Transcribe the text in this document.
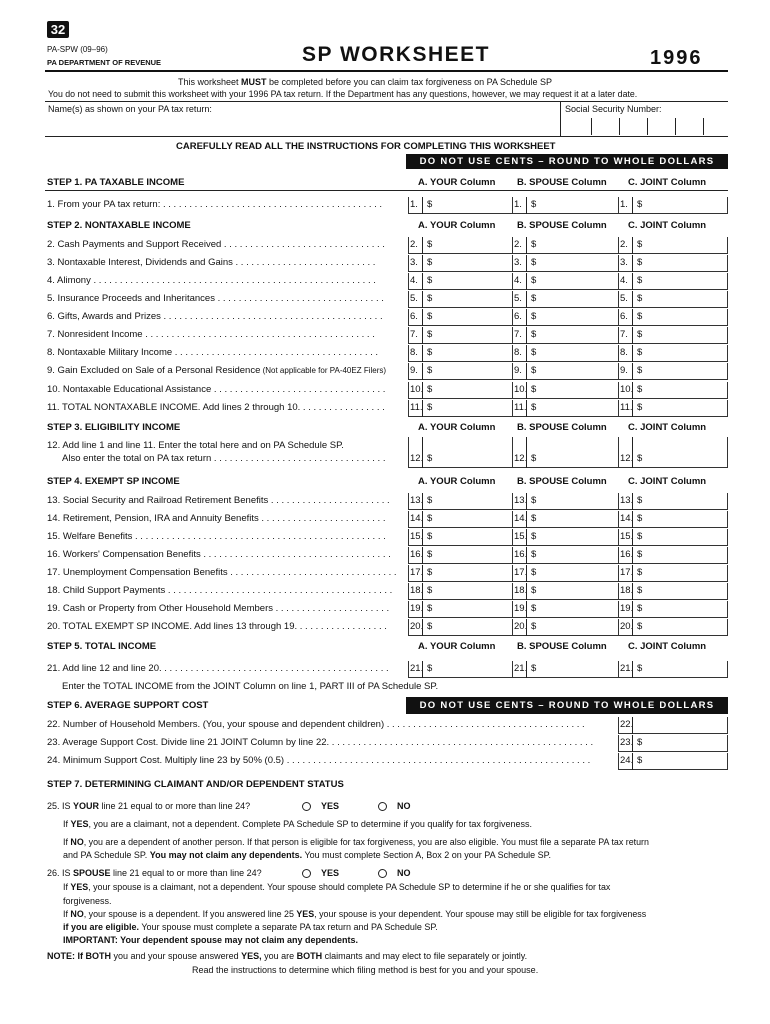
32
PA-SPW (09–96)
PA DEPARTMENT OF REVENUE	SP WORKSHEET	1996
This worksheet MUST be completed before you can claim tax forgiveness on PA Schedule SP
You do not need to submit this worksheet with your 1996 PA tax return. If the Department has any questions, however, we may request it at a later date.
Name(s) as shown on your PA tax return:	Social Security Number:
CAREFULLY READ ALL THE INSTRUCTIONS FOR COMPLETING THIS WORKSHEET
DO NOT USE CENTS – ROUND TO WHOLE DOLLARS
STEP 1. PA TAXABLE INCOME	A. YOUR Column B. SPOUSE Column C. JOINT Column
1. From your PA tax return: . . . . . . . . . . . . . . . . . . . . . . . . . . . . . . . . . . . . . . . . . .	1. $	1. $	1. $
STEP 2. NONTAXABLE INCOME	A. YOUR Column B. SPOUSE Column C. JOINT Column
2. Cash Payments and Support Received . . . . . . . . . . . . . . . . . . . . . . . . . . . . . . .	2. $	2. $	2. $
3. Nontaxable Interest, Dividends and Gains . . . . . . . . . . . . . . . . . . . . . . . . . . .	3. $	3. $	3. $
4. Alimony . . . . . . . . . . . . . . . . . . . . . . . . . . . . . . . . . . . . . . . . . . . . . . . . . . . . . .	4. $	4. $	4. $
5. Insurance Proceeds and Inheritances . . . . . . . . . . . . . . . . . . . . . . . . . . . . . . . .	5. $	5. $	5. $
6. Gifts, Awards and Prizes . . . . . . . . . . . . . . . . . . . . . . . . . . . . . . . . . . . . . . . . . .	6. $	6. $	6. $
7. Nonresident Income . . . . . . . . . . . . . . . . . . . . . . . . . . . . . . . . . . . . . . . . . . . .	7. $	7. $	7. $
8. Nontaxable Military Income . . . . . . . . . . . . . . . . . . . . . . . . . . . . . . . . . . . . . . .	8. $	8. $	8. $
9. Gain Excluded on Sale of a Personal Residence (Not applicable for PA-40EZ Filers)	9. $	9. $	9. $
10. Nontaxable Educational Assistance . . . . . . . . . . . . . . . . . . . . . . . . . . . . . . . . .	10. $	10. $	10. $
11. TOTAL NONTAXABLE INCOME. Add lines 2 through 10. . . . . . . . . . . . . . . . .	11. $	11. $	11. $
STEP 3. ELIGIBILITY INCOME	A. YOUR Column B. SPOUSE Column C. JOINT Column
12. Add line 1 and line 11. Enter the total here and on PA Schedule SP.
Also enter the total on PA tax return . . . . . . . . . . . . . . . . . . . . . . . . . . . . . . . . .	12. $	12. $	12. $
STEP 4. EXEMPT SP INCOME	A. YOUR Column B. SPOUSE Column C. JOINT Column
13. Social Security and Railroad Retirement Benefits . . . . . . . . . . . . . . . . . . . . . . .	13. $	13. $	13. $
14. Retirement, Pension, IRA and Annuity Benefits . . . . . . . . . . . . . . . . . . . . . . . .	14. $	14. $	14. $
15. Welfare Benefits . . . . . . . . . . . . . . . . . . . . . . . . . . . . . . . . . . . . . . . . . . . . . . . .	15. $	15. $	15. $
16. Workers' Compensation Benefits . . . . . . . . . . . . . . . . . . . . . . . . . . . . . . . . . . . .	16. $	16. $	16. $
17. Unemployment Compensation Benefits . . . . . . . . . . . . . . . . . . . . . . . . . . . . . . . .	17. $	17. $	17. $
18. Child Support Payments . . . . . . . . . . . . . . . . . . . . . . . . . . . . . . . . . . . . . . . . . . .	18. $	18. $	18. $
19. Cash or Property from Other Household Members . . . . . . . . . . . . . . . . . . . . . .	19. $	19. $	19. $
20. TOTAL EXEMPT SP INCOME. Add lines 13 through 19. . . . . . . . . . . . . . . . . .	20. $	20. $	20. $
STEP 5. TOTAL INCOME	A. YOUR Column B. SPOUSE Column C. JOINT Column
21. Add line 12 and line 20. . . . . . . . . . . . . . . . . . . . . . . . . . . . . . . . . . . . . . . . . . . .	21. $	21. $	21. $
Enter the TOTAL INCOME from the JOINT Column on line 1, PART III of PA Schedule SP.
STEP 6. AVERAGE SUPPORT COST	DO NOT USE CENTS – ROUND TO WHOLE DOLLARS
22. Number of Household Members. (You, your spouse and dependent children) . . . . . . . . . . . . . . . . . . . . . . . . . . . . . . . . . . . . . .	22.
23. Average Support Cost. Divide line 21 JOINT Column by line 22. . . . . . . . . . . . . . . . . . . . . . . . . . . . . . . . . . . . . . . . . . . . . . . . . . .	23. $
24. Minimum Support Cost. Multiply line 23 by 50% (0.5) . . . . . . . . . . . . . . . . . . . . . . . . . . . . . . . . . . . . . . . . . . . . . . . . . . . . . . . . . .	24. $
STEP 7. DETERMINING CLAIMANT AND/OR DEPENDENT STATUS
25. IS YOUR line 21 equal to or more than line 24?	YES	NO
If YES, you are a claimant, not a dependent. Complete PA Schedule SP to determine if you qualify for tax forgiveness.
If NO, you are a dependent of another person. If that person is eligible for tax forgiveness, you are also eligible. You must file a separate PA tax return
and PA Schedule SP. You may not claim any dependents. You must complete Section A, Box 2 on your PA Schedule SP.
26. IS SPOUSE line 21 equal to or more than line 24?	YES	NO
If YES, your spouse is a claimant, not a dependent. Your spouse should complete PA Schedule SP to determine if he or she qualifies for tax
forgiveness.
If NO, your spouse is a dependent. If you answered line 25 YES, your spouse is your dependent. Your spouse may still be eligible for tax forgiveness
if you are eligible. Your spouse must complete a separate PA tax return and PA Schedule SP.
IMPORTANT: Your dependent spouse may not claim any dependents.
NOTE: If BOTH you and your spouse answered YES, you are BOTH claimants and may elect to file separately or jointly.
Read the instructions to determine which filing method is best for you and your spouse.
